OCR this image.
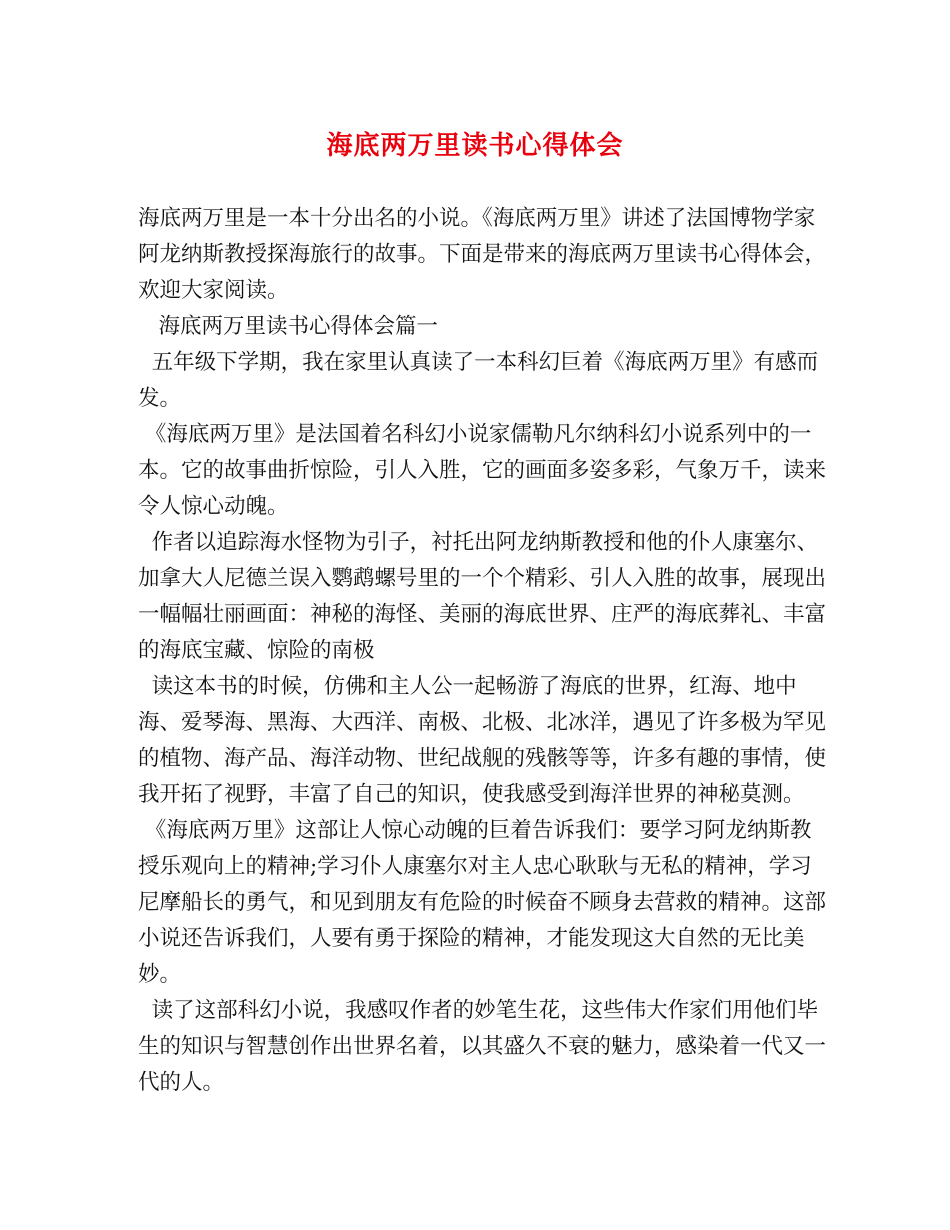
海底两万里读书心得体会

海底两万里是一本十分出名的小说。《海底两万里》讲述了法国博物学家阿龙纳斯教授探海旅行的故事。下面是带来的海底两万里读书心得体会，欢迎大家阅读。

海底两万里读书心得体会篇一

五年级下学期，我在家里认真读了一本科幻巨着《海底两万里》有感而发。

《海底两万里》是法国着名科幻小说家儒勒凡尔纳科幻小说系列中的一本。它的故事曲折惊险，引人入胜，它的画面多姿多彩，气象万千，读来令人惊心动魄。

作者以追踪海水怪物为引子，衬托出阿龙纳斯教授和他的仆人康塞尔、加拿大人尼德兰误入鹦鹉螺号里的一个个精彩、引人入胜的故事，展现出一幅幅壮丽画面：神秘的海怪、美丽的海底世界、庄严的海底葬礼、丰富的海底宝藏、惊险的南极

读这本书的时候，仿佛和主人公一起畅游了海底的世界，红海、地中海、爱琴海、黑海、大西洋、南极、北极、北冰洋，遇见了许多极为罕见的植物、海产品、海洋动物、世纪战舰的残骸等等，许多有趣的事情，使我开拓了视野，丰富了自己的知识，使我感受到海洋世界的神秘莫测。

《海底两万里》这部让人惊心动魄的巨着告诉我们：要学习阿龙纳斯教授乐观向上的精神;学习仆人康塞尔对主人忠心耿耿与无私的精神，学习尼摩船长的勇气，和见到朋友有危险的时候奋不顾身去营救的精神。这部小说还告诉我们，人要有勇于探险的精神，才能发现这大自然的无比美妙。

读了这部科幻小说，我感叹作者的妙笔生花，这些伟大作家们用他们毕生的知识与智慧创作出世界名着，以其盛久不衰的魅力，感染着一代又一代的人。
